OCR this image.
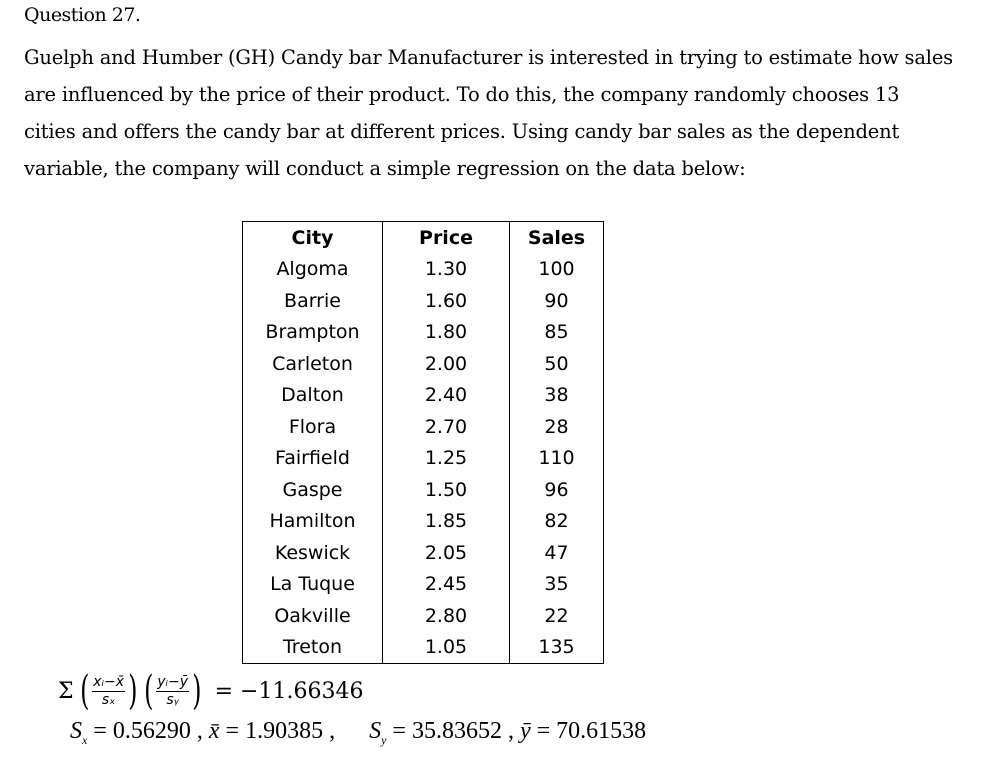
Question 27.
Guelph and Humber (GH) Candy bar Manufacturer is interested in trying to estimate how sales
are influenced by the price of their product. To do this, the company randomly chooses 13
cities and offers the candy bar at different prices. Using candy bar sales as the dependent
variable, the company will conduct a simple regression on the data below:
City	Price	Sales
Algoma	1.30	100
Barrie	1.60	90
Brampton	1.80	85
Carleton	2.00	50
Dalton	2.40	38
Flora	2.70	28
Fairfield	1.25	110
Gaspe	1.50	96
Hamilton	1.85	82
Keswick	2.05	47
La Tuque	2.45	35
Oakville	2.80	22
Treton	1.05	135
Σ ( $\frac{\text{xᵢ−x̄}}{\text{sₓ}}$ ) ( $\frac{\text{yᵢ−ȳ}}{\text{sᵧ}}$ ) = −11.66346
$S_x = 0.56290$ , x̄ = 1.90385 , $S_y = 35.83652$ , ȳ = 70.61538
